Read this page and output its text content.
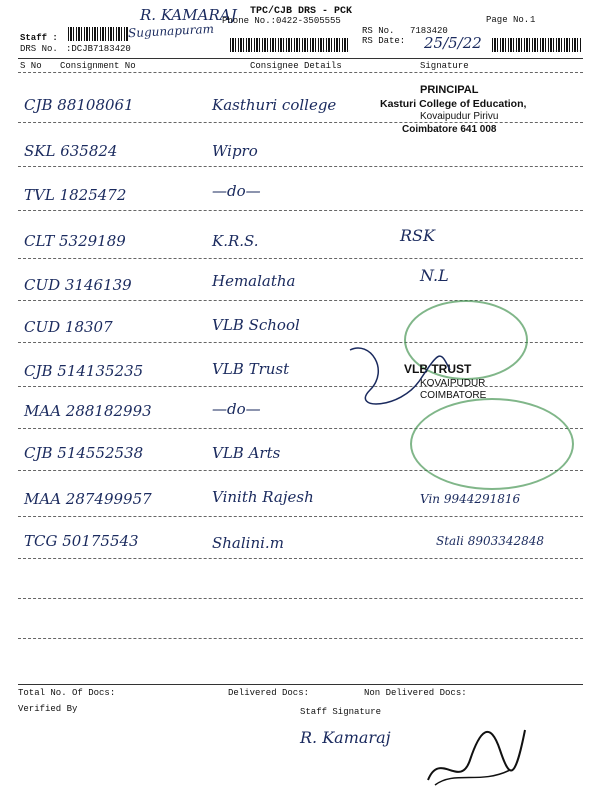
R. KAMARAJ
Sugunapuram
TPC/CJB DRS - PCK
Phone No.:0422-3505555
Staff :
DRS No. :DCJB7183420
RS No. 7183420
RS Date: 25/5/22
Page No. 1
S No Consignment No	Consignee Details	Signature
CJB 88108061	Kasthuri college
SKL 635824	Wipro
TVL 1825472	—do—
CLT 5329189	K.R.S.	RSK
CUD 3146139	Hemalatha	N.L
CUD 18307	VLB School
CJB 514135235	VLB Trust
MAA 288182993	—do—
CJB 514552538	VLB Arts
MAA 287499957	Vinith Rajesh	Vin 9944291816
TCG 50175543	Shalini.m	Stali 8903342848
PRINCIPAL
Kasturi College of Education,
Kovaipudur Pirivu
Coimbatore 641 008
VLB TRUST
KOVAIPUDUR
COIMBATORE
Total No. Of Docs:	Delivered Docs:	Non Delivered Docs:
Verified By	Staff Signature
R. Kamaraj
